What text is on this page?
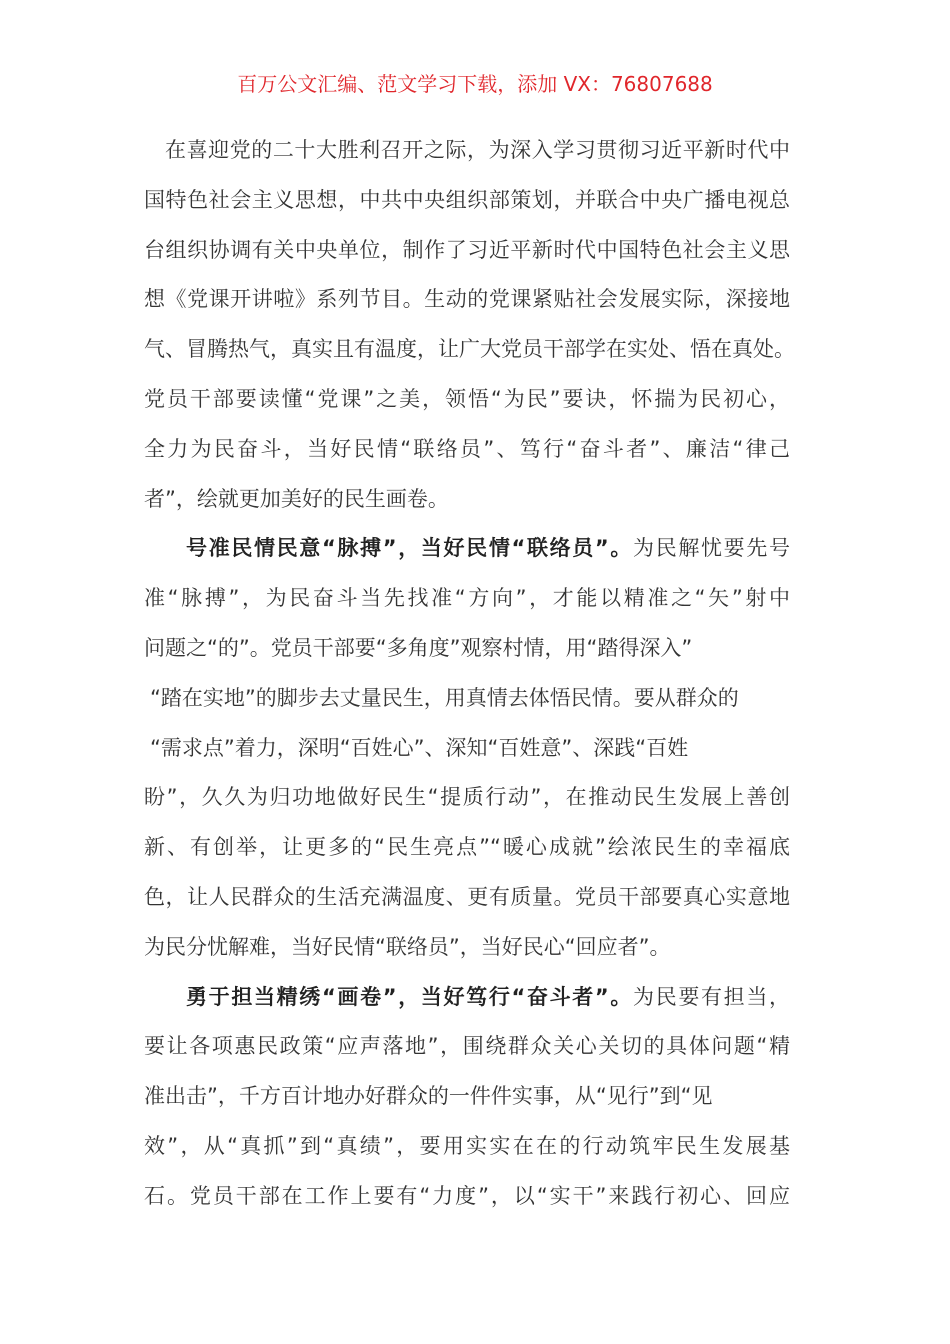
百万公文汇编、范文学习下载，添加 VX：76807688
在喜迎党的二十大胜利召开之际，为深入学习贯彻习近平新时代中
国特色社会主义思想，中共中央组织部策划，并联合中央广播电视总
台组织协调有关中央单位，制作了习近平新时代中国特色社会主义思
想《党课开讲啦》系列节目。生动的党课紧贴社会发展实际，深接地
气、冒腾热气，真实且有温度，让广大党员干部学在实处、悟在真处。
党员干部要读懂“党课”之美，领悟“为民”要诀，怀揣为民初心，
全力为民奋斗，当好民情“联络员”、笃行“奋斗者”、廉洁“律己
者”，绘就更加美好的民生画卷。
号准民情民意“脉搏”，当好民情“联络员”。为民解忧要先号
准“脉搏”，为民奋斗当先找准“方向”，才能以精准之“矢”射中
问题之“的”。党员干部要“多角度”观察村情，用“踏得深入”
“踏在实地”的脚步去丈量民生，用真情去体悟民情。要从群众的
“需求点”着力，深明“百姓心”、深知“百姓意”、深践“百姓
盼”，久久为归功地做好民生“提质行动”，在推动民生发展上善创
新、有创举，让更多的“民生亮点”“暖心成就”绘浓民生的幸福底
色，让人民群众的生活充满温度、更有质量。党员干部要真心实意地
为民分忧解难，当好民情“联络员”，当好民心“回应者”。
勇于担当精绣“画卷”，当好笃行“奋斗者”。为民要有担当，
要让各项惠民政策“应声落地”，围绕群众关心关切的具体问题“精
准出击”，千方百计地办好群众的一件件实事，从“见行”到“见
效”，从“真抓”到“真绩”，要用实实在在的行动筑牢民生发展基
石。党员干部在工作上要有“力度”，以“实干”来践行初心、回应
